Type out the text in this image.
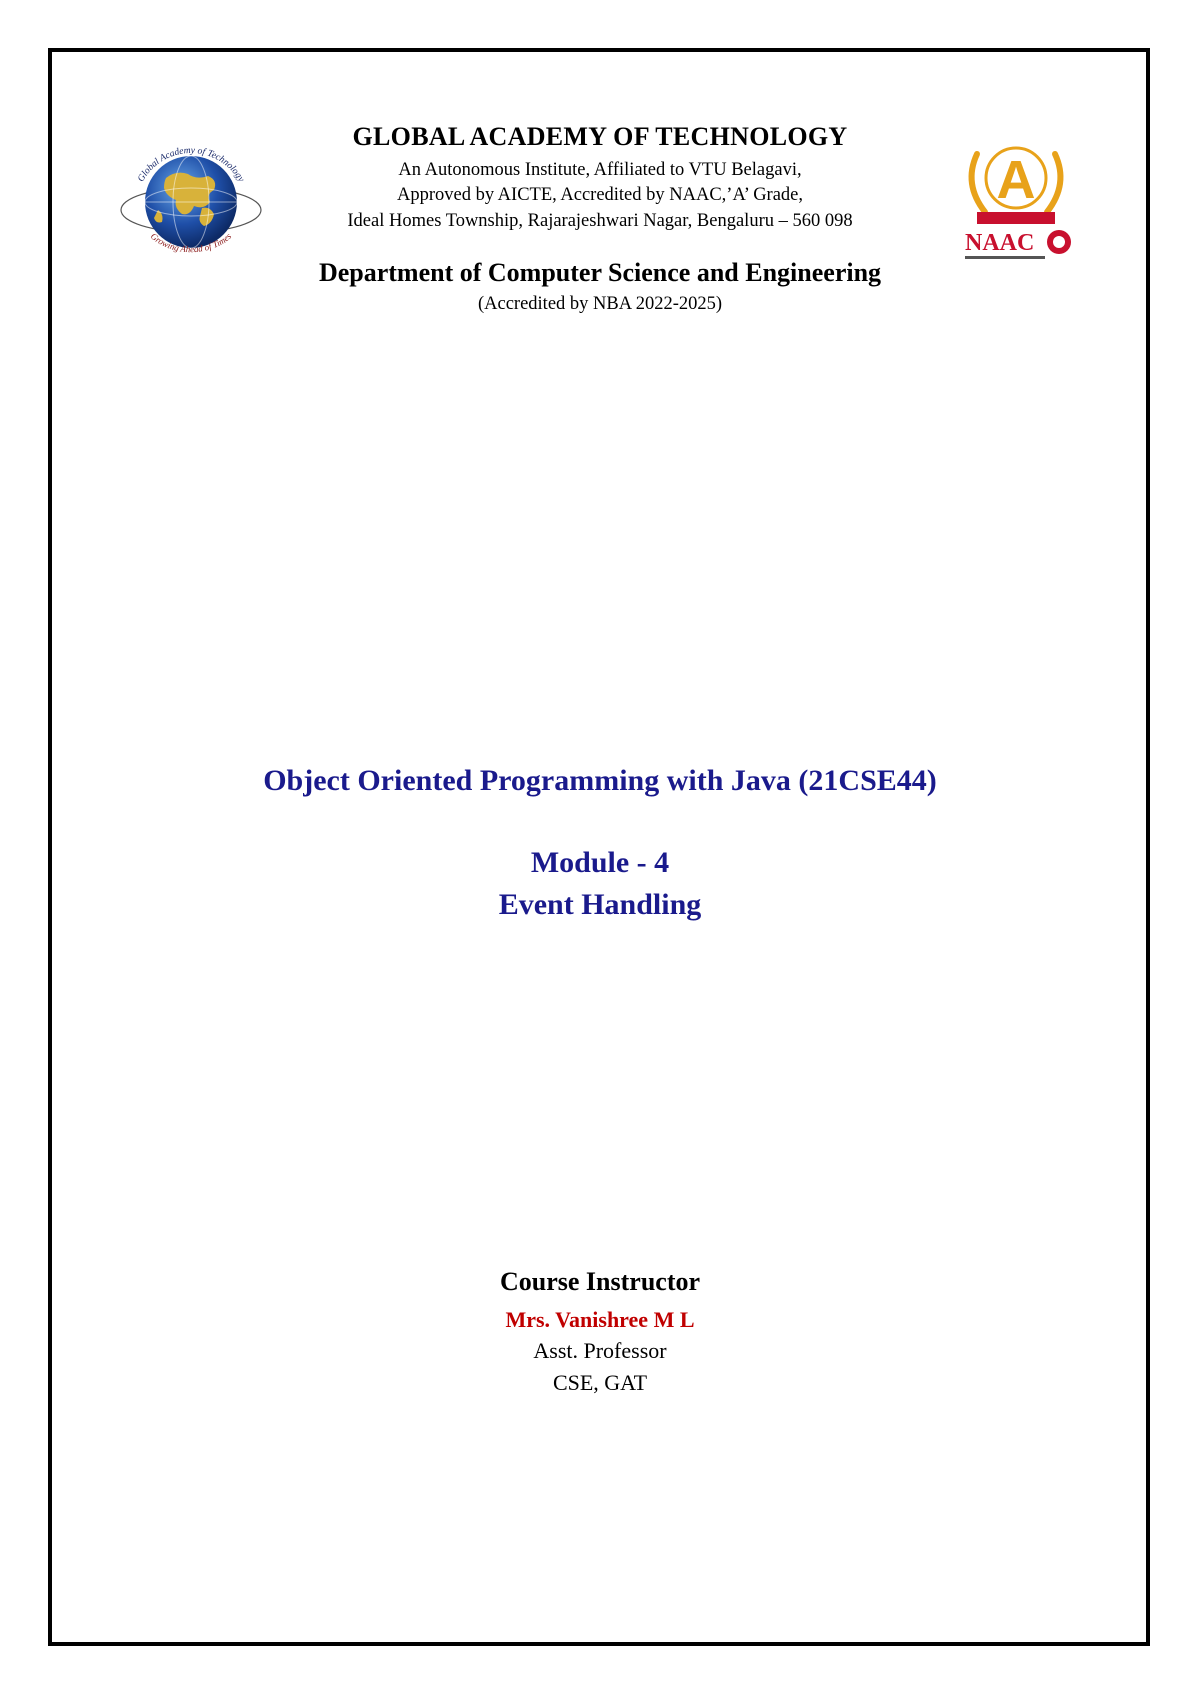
Global Academy of Technology
Growing Ahead of Times
A
NAAC
GLOBAL ACADEMY OF TECHNOLOGY
An Autonomous Institute, Affiliated to VTU Belagavi,
Approved by AICTE, Accredited by NAAC,’A’ Grade,
Ideal Homes Township, Rajarajeshwari Nagar, Bengaluru – 560 098
Department of Computer Science and Engineering
(Accredited by NBA 2022-2025)
Object Oriented Programming with Java (21CSE44)
Module - 4
Event Handling
Course Instructor
Mrs. Vanishree M L
Asst. Professor
CSE, GAT
